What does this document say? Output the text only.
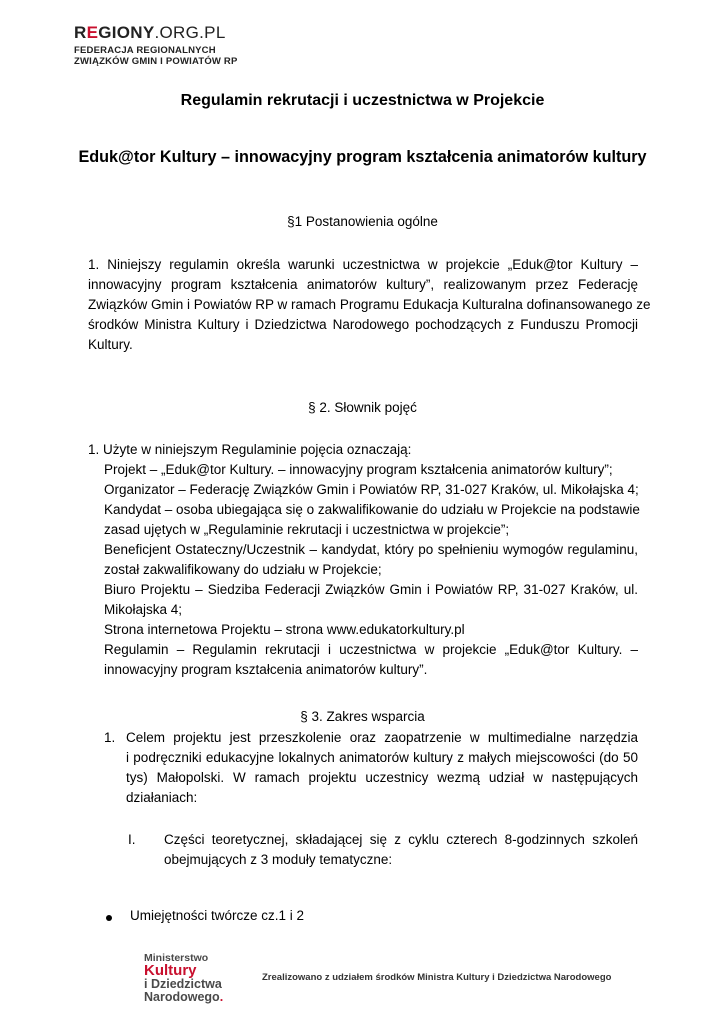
REGIONY.ORG.PL
FEDERACJA REGIONALNYCH
ZWIĄZKÓW GMIN I POWIATÓW RP
Regulamin rekrutacji i uczestnictwa w Projekcie
Eduk@tor Kultury – innowacyjny program kształcenia animatorów kultury
§1 Postanowienia ogólne
1. Niniejszy regulamin określa warunki uczestnictwa w projekcie „Eduk@tor Kultury –
innowacyjny program kształcenia animatorów kultury”, realizowanym przez Federację
Związków Gmin i Powiatów RP w ramach Programu Edukacja Kulturalna dofinansowanego ze
środków Ministra Kultury i Dziedzictwa Narodowego pochodzących z Funduszu Promocji
Kultury.
§ 2. Słownik pojęć
1. Użyte w niniejszym Regulaminie pojęcia oznaczają:
Projekt – „Eduk@tor Kultury. – innowacyjny program kształcenia animatorów kultury”;
Organizator – Federację Związków Gmin i Powiatów RP, 31-027 Kraków, ul. Mikołajska 4;
Kandydat – osoba ubiegająca się o zakwalifikowanie do udziału w Projekcie na podstawie
zasad ujętych w „Regulaminie rekrutacji i uczestnictwa w projekcie”;
Beneficjent Ostateczny/Uczestnik – kandydat, który po spełnieniu wymogów regulaminu,
został zakwalifikowany do udziału w Projekcie;
Biuro Projektu – Siedziba Federacji Związków Gmin i Powiatów RP, 31-027 Kraków, ul.
Mikołajska 4;
Strona internetowa Projektu – strona www.edukatorkultury.pl
Regulamin – Regulamin rekrutacji i uczestnictwa w projekcie „Eduk@tor Kultury. –
innowacyjny program kształcenia animatorów kultury”.
§ 3. Zakres wsparcia
1. Celem projektu jest przeszkolenie oraz zaopatrzenie w multimedialne narzędzia
i podręczniki edukacyjne lokalnych animatorów kultury z małych miejscowości (do 50
tys) Małopolski. W ramach projektu uczestnicy wezmą udział w następujących
działaniach:
I.	Części teoretycznej, składającej się z cyklu czterech 8-godzinnych szkoleń
obejmujących z 3 moduły tematyczne:
Umiejętności twórcze cz.1 i 2
Ministerstwo
Kultury
i Dziedzictwa
Narodowego.
Zrealizowano z udziałem środków Ministra Kultury i Dziedzictwa Narodowego
